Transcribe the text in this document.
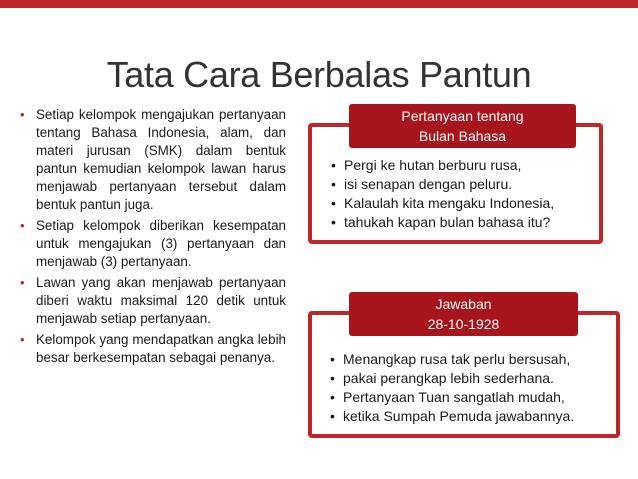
Tata Cara Berbalas Pantun
• Setiap kelompok mengajukan pertanyaan tentang Bahasa Indonesia, alam, dan materi jurusan (SMK) dalam bentuk pantun kemudian kelompok lawan harus menjawab pertanyaan tersebut dalam bentuk pantun juga.
• Setiap kelompok diberikan kesempatan untuk mengajukan (3) pertanyaan dan menjawab (3) pertanyaan.
• Lawan yang akan menjawab pertanyaan diberi waktu maksimal 120 detik untuk menjawab setiap pertanyaan.
• Kelompok yang mendapatkan angka lebih besar berkesempatan sebagai penanya.
Pertanyaan tentang
Bulan Bahasa
• Pergi ke hutan berburu rusa,
• isi senapan dengan peluru.
• Kalaulah kita mengaku Indonesia,
• tahukah kapan bulan bahasa itu?
Jawaban
28-10-1928
• Menangkap rusa tak perlu bersusah,
• pakai perangkap lebih sederhana.
• Pertanyaan Tuan sangatlah mudah,
• ketika Sumpah Pemuda jawabannya.
